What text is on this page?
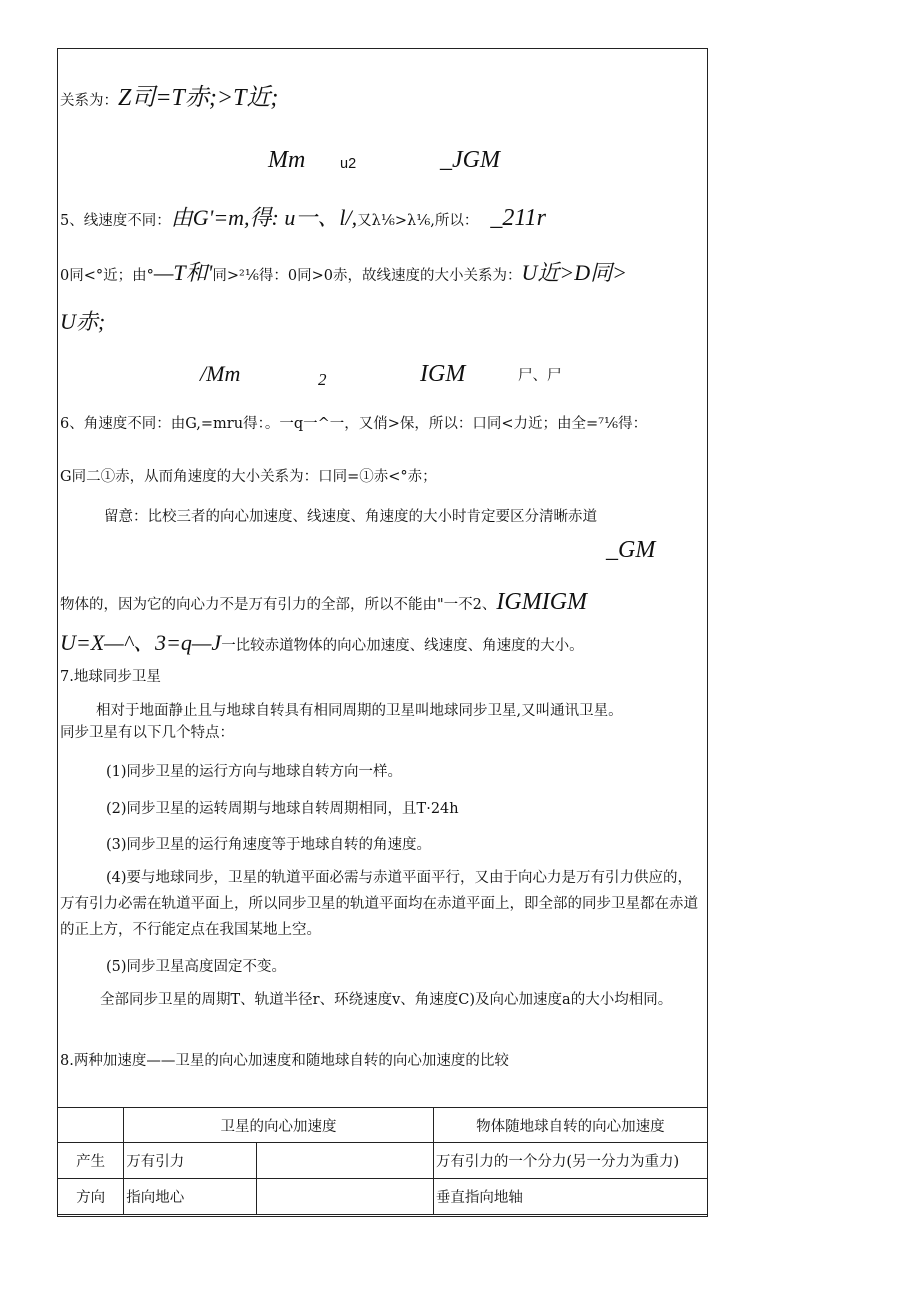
关系为：Z司=T赤;>T近;
Mm u2	_JGM
5、线速度不同：由G'=m,得: u一、l/,又λ⅙>λ⅙,所以： _211r
0同<°近；由°—T和'同>²⅙得：0同>0赤，故线速度的大小关系为：U近>D同>
U赤;
/Mm	2	IGM	尸、尸
6、角速度不同：由G,=mru得：。一q一^一，又俏>保，所以：口同<力近；由全=⁷⅙得：
G同二①赤，从而角速度的大小关系为：口同=①赤<°赤；
留意：比校三者的向心加速度、线速度、角速度的大小时肯定要区分清晰赤道
_GM
物体的，因为它的向心力不是万有引力的全部，所以不能由"一不2、IGMIGM
U=X—^、3=q—J一比较赤道物体的向心加速度、线速度、角速度的大小。
7.地球同步卫星
相对于地面静止且与地球自转具有相同周期的卫星叫地球同步卫星,又叫通讯卫星。
同步卫星有以下几个特点：
(1)同步卫星的运行方向与地球自转方向一样。
(2)同步卫星的运转周期与地球自转周期相同，且T·24h
(3)同步卫星的运行角速度等于地球自转的角速度。
(4)要与地球同步，卫星的轨道平面必需与赤道平面平行，又由于向心力是万有引力供应的，万有引力必需在轨道平面上，所以同步卫星的轨道平面均在赤道平面上，即全部的同步卫星都在赤道的正上方，不行能定点在我国某地上空。
(5)同步卫星高度固定不变。
全部同步卫星的周期T、轨道半径r、环绕速度v、角速度C)及向心加速度a的大小均相同。
8.两种加速度——卫星的向心加速度和随地球自转的向心加速度的比较
	卫星的向心加速度		物体随地球自转的向心加速度
产生	万有引力		万有引力的一个分力(另一分力为重力)
方向	指向地心		垂直指向地轴
